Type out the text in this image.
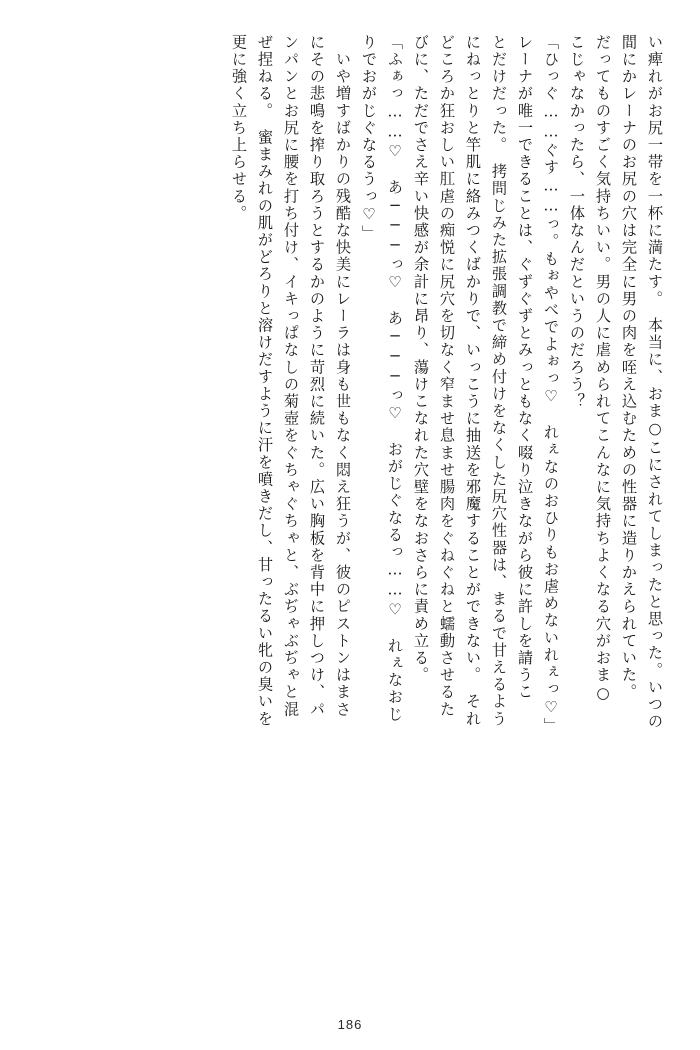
い痺れがお尻一帯を一杯に満たす。　本当に、おま○こにされてしまったと思った。いつの
間にかレーナのお尻の穴は完全に男の肉を咥え込むための性器に造りかえられていた。
だってものすごく気持ちいい。男の人に虐められてこんなに気持ちよくなる穴がおま○
こじゃなかったら、一体なんだというのだろう？
「ひっぐ……ぐす……っ。もぉやべでよぉっ♡　れぇなのおひりもお虐めないれぇっ♡」
レーナが唯一できることは、ぐずぐずとみっともなく啜り泣きながら彼に許しを請うこ
とだけだった。　拷問じみた拡張調教で締め付けをなくした尻穴性器は、まるで甘えるよう
にねっとりと竿肌に絡みつくばかりで、いっこうに抽送を邪魔することができない。　それ
どころか狂おしい肛虐の痴悦に尻穴を切なく窄ませ息ませ腸肉をぐねぐねと蠕動させるた
びに、ただでさえ辛い快感が余計に昂り、蕩けこなれた穴壁をなおさらに責め立る。
「ふぁっ……♡　あ───っ♡　あ───っ♡　おがじぐなるっ……♡　れぇなおじ
りでおがじぐなるうっ♡」
　いや増すばかりの残酷な快美にレーラは身も世もなく悶え狂うが、彼のピストンはまさ
にその悲鳴を搾り取ろうとするかのように苛烈に続いた。広い胸板を背中に押しつけ、パ
ンパンとお尻に腰を打ち付け、イキっぱなしの菊壺をぐちゃぐちゃと、ぶぢゃぶぢゃと混
ぜ捏ねる。　蜜まみれの肌がどろりと溶けだすように汗を噴きだし、甘ったるい牝の臭いを
更に強く立ち上らせる。
186
